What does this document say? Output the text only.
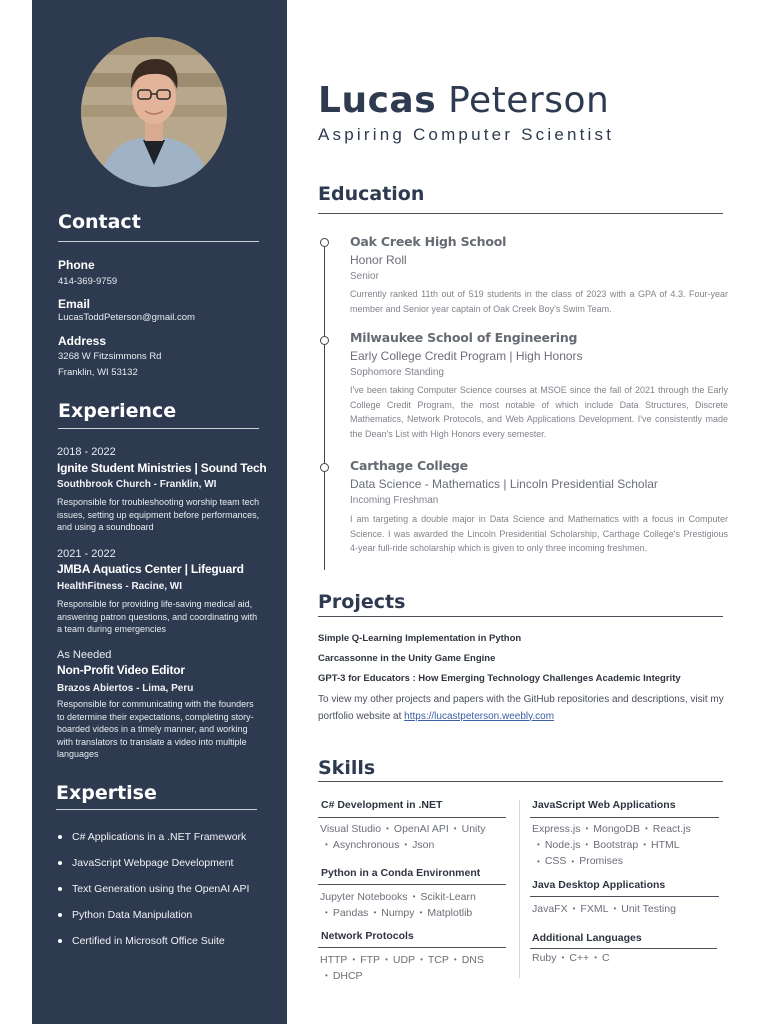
Contact
Phone
414-369-9759
Email
LucasToddPeterson@gmail.com
Address
3268 W Fitzsimmons Rd
Franklin, WI 53132
Experience
2018 - 2022
Ignite Student Ministries | Sound Tech
Southbrook Church - Franklin, WI
Responsible for troubleshooting worship team tech issues, setting up equipment before performances, and using a soundboard
2021 - 2022
JMBA Aquatics Center | Lifeguard
HealthFitness - Racine, WI
Responsible for providing life-saving medical aid, answering patron questions, and coordinating with a team during emergencies
As Needed
Non-Profit Video Editor
Brazos Abiertos - Lima, Peru
Responsible for communicating with the founders to determine their expectations, completing story-boarded videos in a timely manner, and working with translators to translate a video into multiple languages
Expertise
C# Applications in a .NET Framework
JavaScript Webpage Development
Text Generation using the OpenAI API
Python Data Manipulation
Certified in Microsoft Office Suite
Lucas Peterson
Aspiring Computer Scientist
Education
Oak Creek High School
Honor Roll
Senior
Currently ranked 11th out of 519 students in the class of 2023 with a GPA of 4.3. Four-year member and Senior year captain of Oak Creek Boy's Swim Team.
Milwaukee School of Engineering
Early College Credit Program | High Honors
Sophomore Standing
I've been taking Computer Science courses at MSOE since the fall of 2021 through the Early College Credit Program, the most notable of which include Data Structures, Discrete Mathematics, Network Protocols, and Web Applications Development. I've consistently made the Dean's List with High Honors every semester.
Carthage College
Data Science - Mathematics | Lincoln Presidential Scholar
Incoming Freshman
I am targeting a double major in Data Science and Mathematics with a focus in Computer Science. I was awarded the Lincoln Presidential Scholarship, Carthage College's Prestigious 4-year full-ride scholarship which is given to only three incoming freshmen.
Projects
Simple Q-Learning Implementation in Python
Carcassonne in the Unity Game Engine
GPT-3 for Educators : How Emerging Technology Challenges Academic Integrity
To view my other projects and papers with the GitHub repositories and descriptions, visit my portfolio website at https://lucastpeterson.weebly.com
Skills
C# Development in .NET
Visual Studio • OpenAI API • Unity
• Asynchronous • Json
Python in a Conda Environment
Jupyter Notebooks • Scikit-Learn
• Pandas • Numpy • Matplotlib
Network Protocols
HTTP • FTP • UDP • TCP • DNS
• DHCP
JavaScript Web Applications
Express.js • MongoDB • React.js
• Node.js • Bootstrap • HTML
• CSS • Promises
Java Desktop Applications
JavaFX • FXML • Unit Testing
Additional Languages
Ruby • C++ • C
